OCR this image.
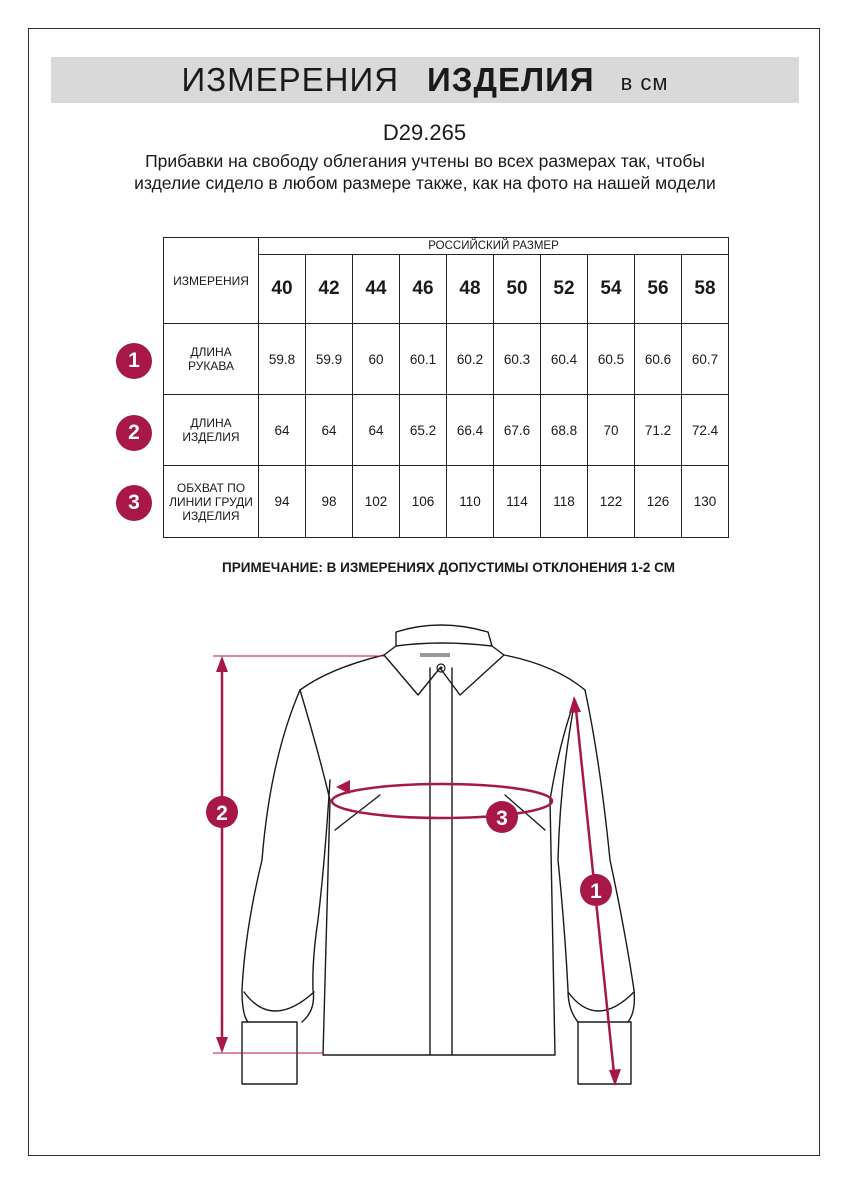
ИЗМЕРЕНИЯ ИЗДЕЛИЯ в см
D29.265
Прибавки на свободу облегания учтены во всех размерах так, чтобы изделие сидело в любом размере также, как на фото на нашей модели
ИЗМЕРЕНИЯ	РОССИЙСКИЙ РАЗМЕР									
	40	42	44	46	48	50	52	54	56	58
ДЛИНА РУКАВА	59.8	59.9	60	60.1	60.2	60.3	60.4	60.5	60.6	60.7
ДЛИНА ИЗДЕЛИЯ	64	64	64	65.2	66.4	67.6	68.8	70	71.2	72.4
ОБХВАТ ПО ЛИНИИ ГРУДИ ИЗДЕЛИЯ	94	98	102	106	110	114	118	122	126	130
1
2
3
ПРИМЕЧАНИЕ: В ИЗМЕРЕНИЯХ ДОПУСТИМЫ ОТКЛОНЕНИЯ 1-2 СМ
2	3
1
